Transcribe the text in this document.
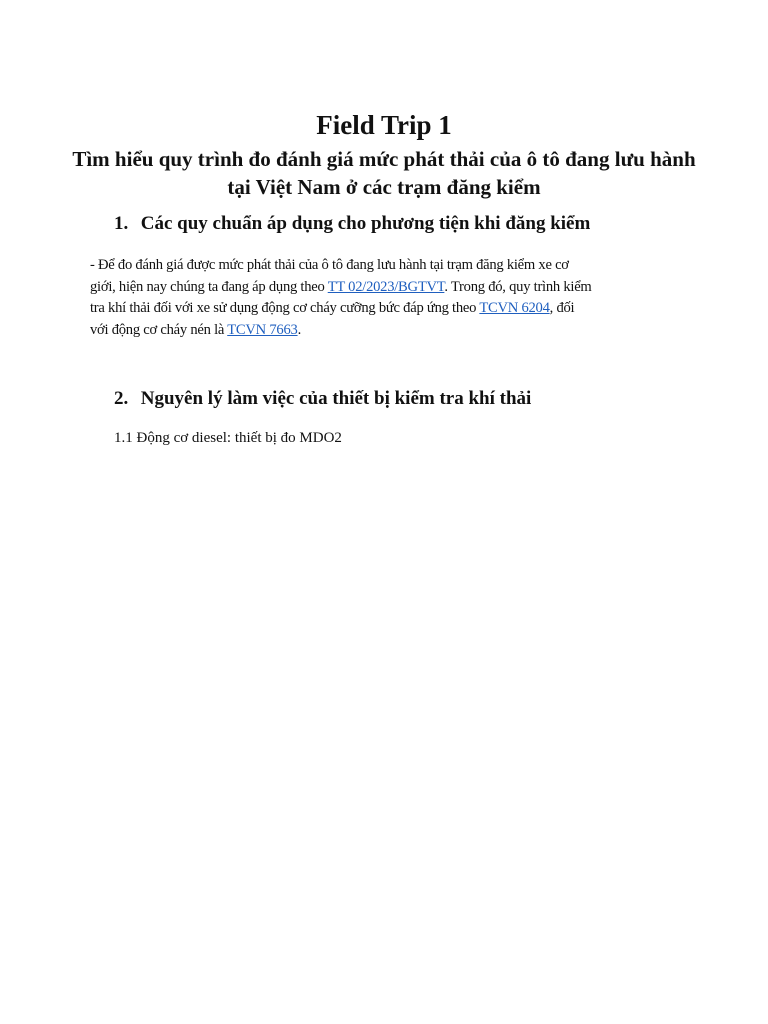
Field Trip 1
Tìm hiểu quy trình đo đánh giá mức phát thải của ô tô đang lưu hành tại Việt Nam ở các trạm đăng kiểm
1. Các quy chuẩn áp dụng cho phương tiện khi đăng kiểm

- Để đo đánh giá được mức phát thải của ô tô đang lưu hành tại trạm đăng kiểm xe cơ
giới, hiện nay chúng ta đang áp dụng theo TT 02/2023/BGTVT. Trong đó, quy trình kiểm
tra khí thải đối với xe sử dụng động cơ cháy cưỡng bức đáp ứng theo TCVN 6204, đối
với động cơ cháy nén là TCVN 7663.

2. Nguyên lý làm việc của thiết bị kiểm tra khí thải

1.1 Động cơ diesel: thiết bị đo MDO2
